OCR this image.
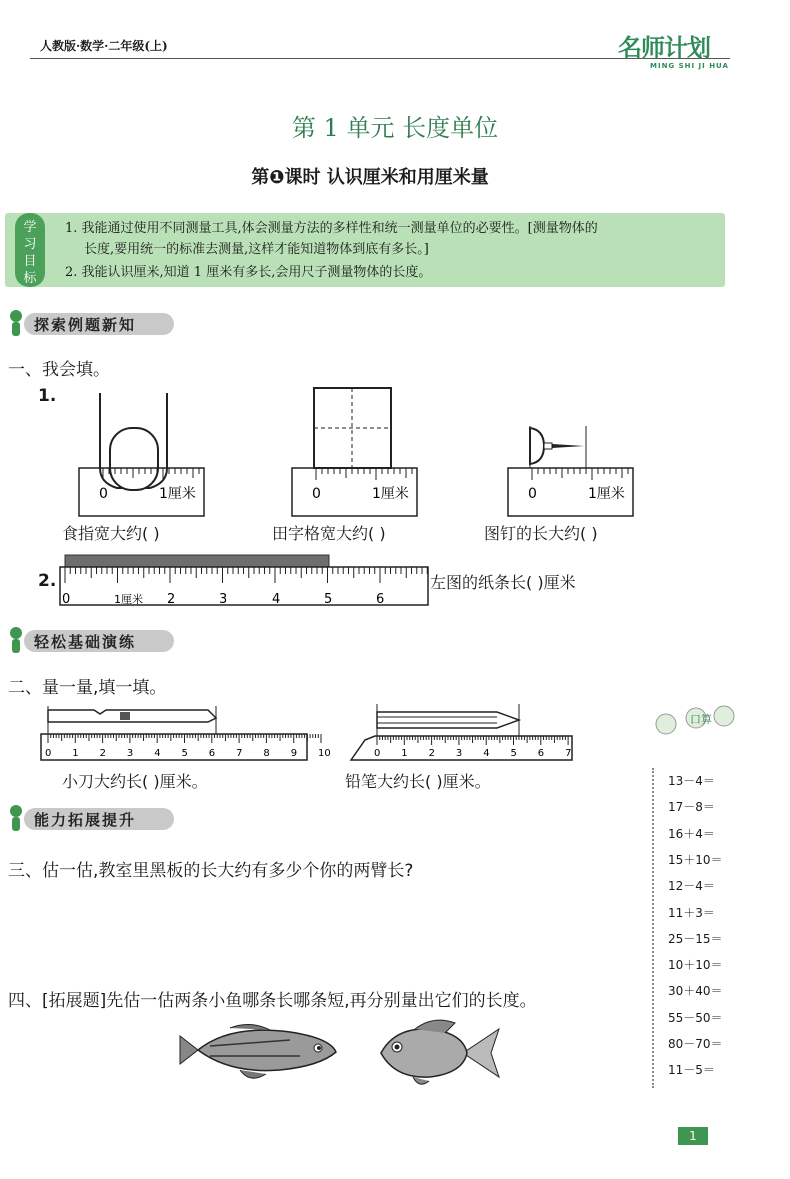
人教版·数学·二年级(上)	名师计划
MING SHI JI HUA
第 1 单元 长度单位
第❶课时 认识厘米和用厘米量
学习目标
1. 我能通过使用不同测量工具,体会测量方法的多样性和统一测量单位的必要性。[测量物体的
长度,要用统一的标准去测量,这样才能知道物体到底有多长。]
2. 我能认识厘米,知道 1 厘米有多长,会用尺子测量物体的长度。
探索例题新知
一、我会填。
1.
0	1厘米
食指宽大约( )
0	1厘米
田字格宽大约( )
0	1厘米
图钉的长大约( )
2.
0	1厘米 2	3	4	5	6
左图的纸条长( )厘米
轻松基础演练
二、量一量,填一填。
0 1 2 3 4 5 6 7 8 9 10
小刀大约长( )厘米。
0 1 2 3 4 5 6 7
铅笔大约长( )厘米。
能力拓展提升
三、估一估,教室里黑板的长大约有多少个你的两臂长?
四、[拓展题]先估一估两条小鱼哪条长哪条短,再分别量出它们的长度。
口算
13－4＝
17－8＝
16＋4＝
15＋10＝
12－4＝
11＋3＝
25－15＝
10＋10＝
30＋40＝
55－50＝
80－70＝
11－5＝
1
